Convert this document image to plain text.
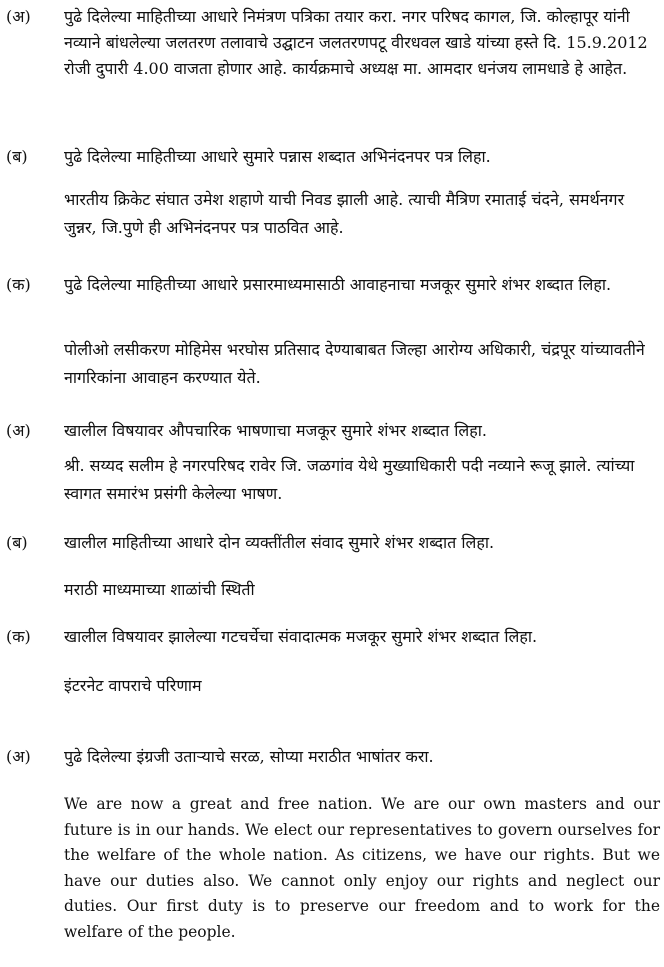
(अ) पुढे दिलेल्या माहितीच्या आधारे निमंत्रण पत्रिका तयार करा. नगर परिषद कागल, जि. कोल्हापूर यांनी नव्याने बांधलेल्या जलतरण तलावाचे उद्घाटन जलतरणपटू वीरधवल खाडे यांच्या हस्ते दि. 15.9.2012 रोजी दुपारी 4.00 वाजता होणार आहे. कार्यक्रमाचे अध्यक्ष मा. आमदार धनंजय लामधाडे हे आहेत.
(ब) पुढे दिलेल्या माहितीच्या आधारे सुमारे पन्नास शब्दात अभिनंदनपर पत्र लिहा.
भारतीय क्रिकेट संघात उमेश शहाणे याची निवड झाली आहे. त्याची मैत्रिण रमाताई चंदने, समर्थनगर जुन्नर, जि.पुणे ही अभिनंदनपर पत्र पाठवित आहे.
(क) पुढे दिलेल्या माहितीच्या आधारे प्रसारमाध्यमासाठी आवाहनाचा मजकूर सुमारे शंभर शब्दात लिहा.
पोलीओ लसीकरण मोहिमेस भरघोस प्रतिसाद देण्याबाबत जिल्हा आरोग्य अधिकारी, चंद्रपूर यांच्यावतीने नागरिकांना आवाहन करण्यात येते.
(अ) खालील विषयावर औपचारिक भाषणाचा मजकूर सुमारे शंभर शब्दात लिहा.
श्री. सय्यद सलीम हे नगरपरिषद रावेर जि. जळगांव येथे मुख्याधिकारी पदी नव्याने रूजू झाले. त्यांच्या स्वागत समारंभ प्रसंगी केलेल्या भाषण.
(ब) खालील माहितीच्या आधारे दोन व्यक्तींतील संवाद सुमारे शंभर शब्दात लिहा.
मराठी माध्यमाच्या शाळांची स्थिती
(क) खालील विषयावर झालेल्या गटचर्चेचा संवादात्मक मजकूर सुमारे शंभर शब्दात लिहा.
इंटरनेट वापराचे परिणाम
(अ) पुढे दिलेल्या इंग्रजी उताऱ्याचे सरळ, सोप्या मराठीत भाषांतर करा.
We are now a great and free nation. We are our own masters and our future is in our hands. We elect our representatives to govern ourselves for the welfare of the whole nation. As citizens, we have our rights. But we have our duties also. We cannot only enjoy our rights and neglect our duties. Our first duty is to preserve our freedom and to work for the welfare of the people.
